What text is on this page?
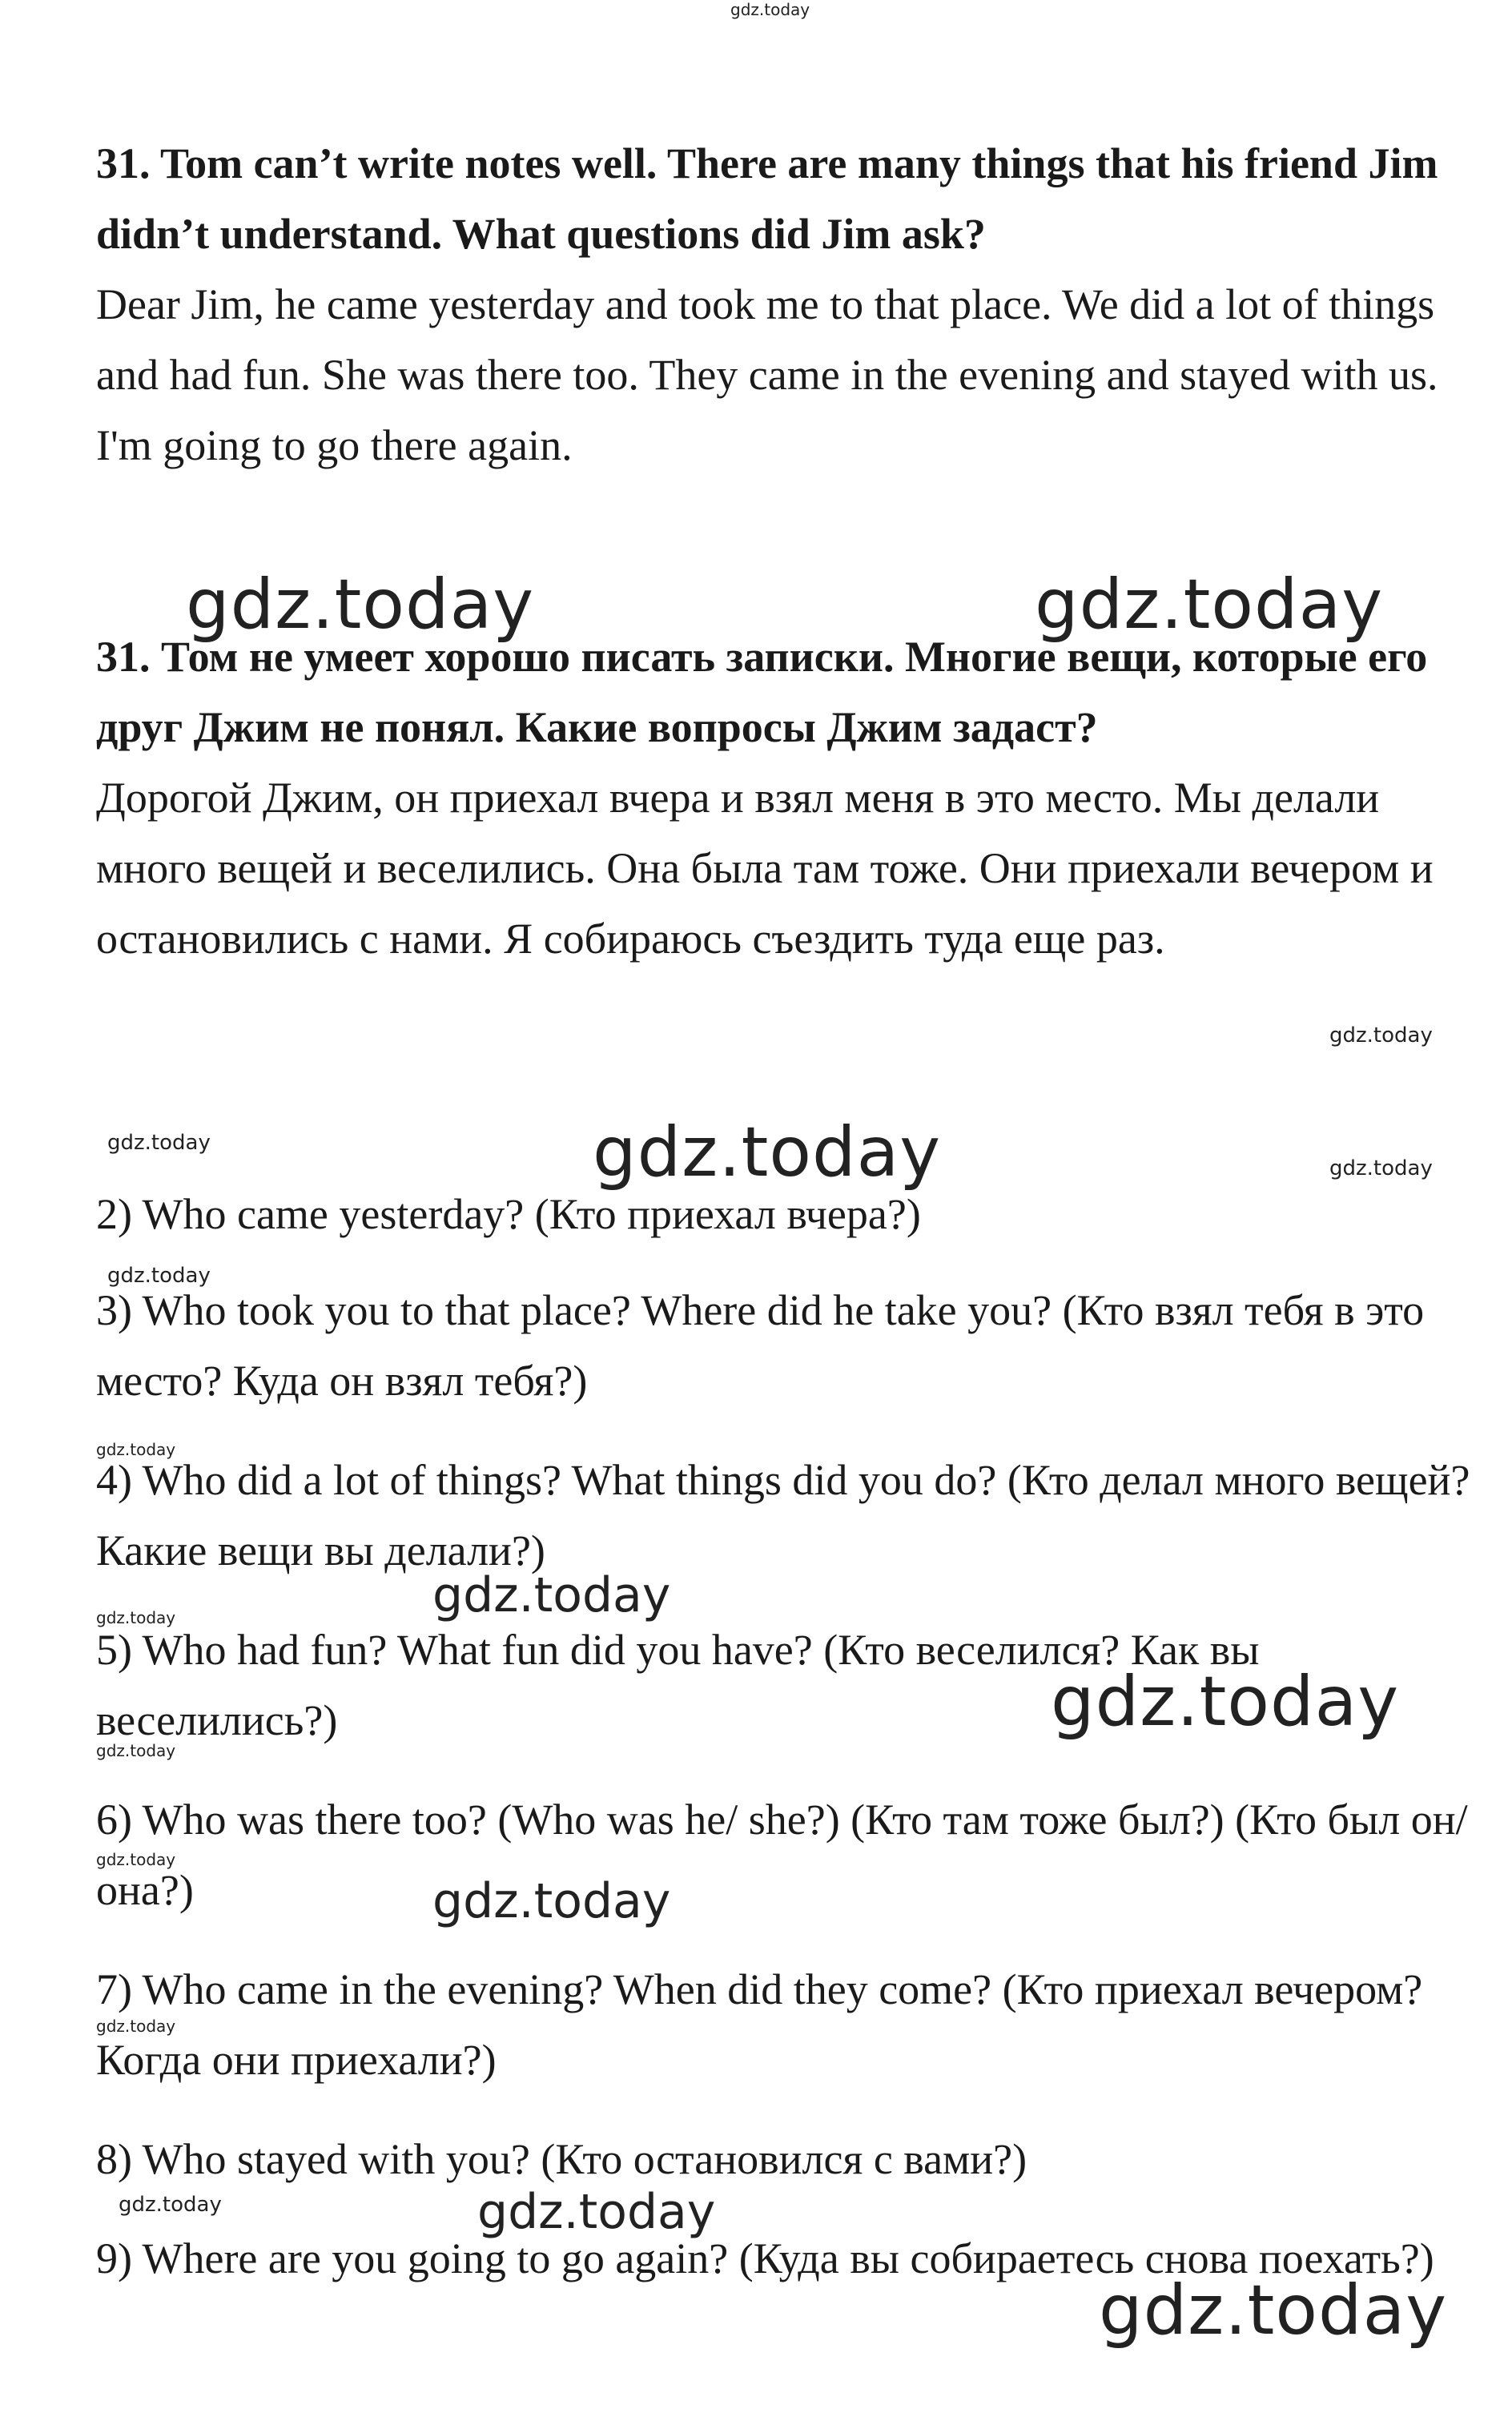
gdz.today

31. Tom can’t write notes well. There are many things that his friend Jim didn’t understand. What questions did Jim ask?

Dear Jim, he came yesterday and took me to that place. We did a lot of things and had fun. She was there too. They came in the evening and stayed with us. I'm going to go there again.

gdz.today	gdz.today

31. Том не умеет хорошо писать записки. Многие вещи, которые его друг Джим не понял. Какие вопросы Джим задаст?

Дорогой Джим, он приехал вчера и взял меня в это место. Мы делали много вещей и веселились. Она была там тоже. Они приехали вечером и остановились с нами. Я собираюсь съездить туда еще раз.

gdz.today
gdz.today	gdz.today	gdz.today

2) Who came yesterday? (Кто приехал вчера?)

gdz.today

3) Who took you to that place? Where did he take you? (Кто взял тебя в это место? Куда он взял тебя?)

gdz.today

4) Who did a lot of things? What things did you do? (Кто делал много вещей? Какие вещи вы делали?)

gdz.today
gdz.today

5) Who had fun? What fun did you have? (Кто веселился? Как вы веселились?)	gdz.today
gdz.today

6) Who was there too? (Who was he/ she?) (Кто там тоже был?) (Кто был он/она?)

gdz.today
gdz.today

7) Who came in the evening? When did they come? (Кто приехал вечером? Когда они приехали?)

gdz.today

8) Who stayed with you? (Кто остановился с вами?)

gdz.today	gdz.today

9) Where are you going to go again? (Куда вы собираетесь снова поехать?)

gdz.today
